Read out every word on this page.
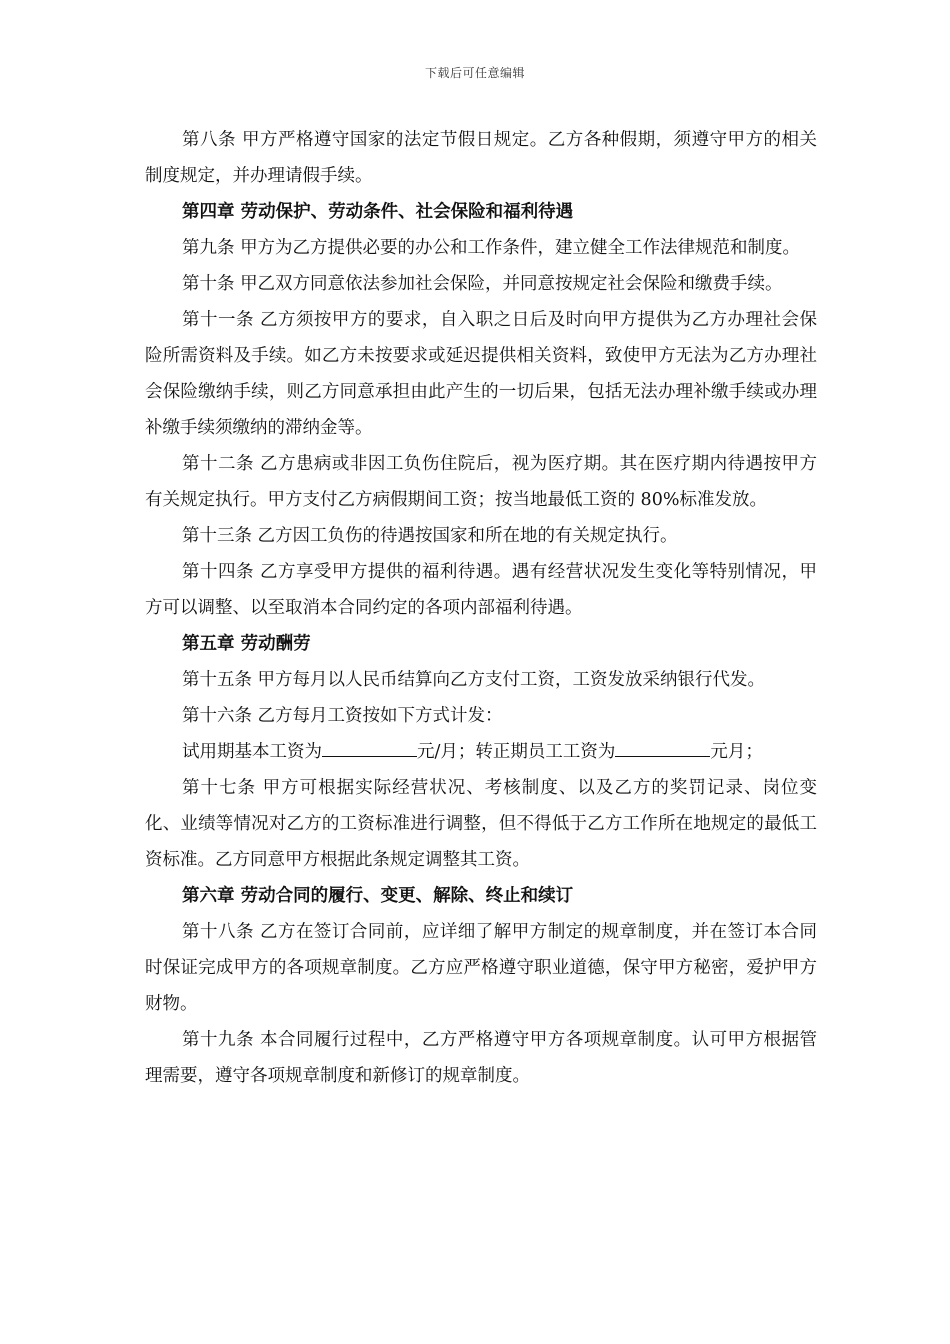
下载后可任意编辑

第八条 甲方严格遵守国家的法定节假日规定。乙方各种假期，须遵守甲方的相关制度规定，并办理请假手续。

第四章 劳动保护、劳动条件、社会保险和福利待遇

第九条 甲方为乙方提供必要的办公和工作条件，建立健全工作法律规范和制度。

第十条 甲乙双方同意依法参加社会保险，并同意按规定社会保险和缴费手续。

第十一条 乙方须按甲方的要求，自入职之日后及时向甲方提供为乙方办理社会保险所需资料及手续。如乙方未按要求或延迟提供相关资料，致使甲方无法为乙方办理社会保险缴纳手续，则乙方同意承担由此产生的一切后果，包括无法办理补缴手续或办理补缴手续须缴纳的滞纳金等。

第十二条 乙方患病或非因工负伤住院后，视为医疗期。其在医疗期内待遇按甲方有关规定执行。甲方支付乙方病假期间工资；按当地最低工资的 80%标准发放。

第十三条 乙方因工负伤的待遇按国家和所在地的有关规定执行。

第十四条 乙方享受甲方提供的福利待遇。遇有经营状况发生变化等特别情况，甲方可以调整、以至取消本合同约定的各项内部福利待遇。

第五章 劳动酬劳

第十五条 甲方每月以人民币结算向乙方支付工资，工资发放采纳银行代发。

第十六条 乙方每月工资按如下方式计发：

试用期基本工资为	元/月；转正期员工工资为	元月；

第十七条 甲方可根据实际经营状况、考核制度、以及乙方的奖罚记录、岗位变化、业绩等情况对乙方的工资标准进行调整，但不得低于乙方工作所在地规定的最低工资标准。乙方同意甲方根据此条规定调整其工资。

第六章 劳动合同的履行、变更、解除、终止和续订

第十八条 乙方在签订合同前，应详细了解甲方制定的规章制度，并在签订本合同时保证完成甲方的各项规章制度。乙方应严格遵守职业道德，保守甲方秘密，爱护甲方财物。

第十九条 本合同履行过程中，乙方严格遵守甲方各项规章制度。认可甲方根据管理需要，遵守各项规章制度和新修订的规章制度。
